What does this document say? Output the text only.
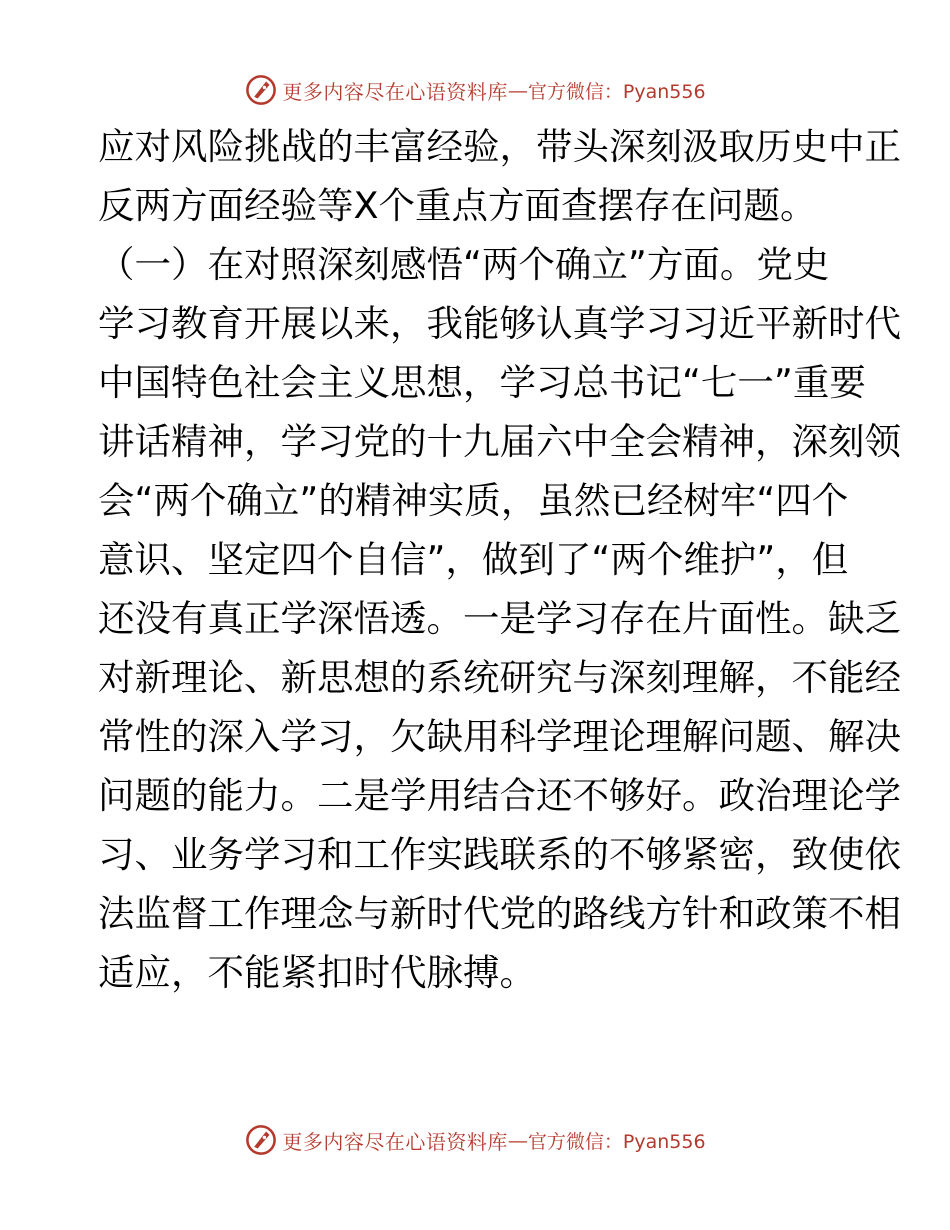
更多内容尽在心语资料库 — 官方微信：Pyan556
应对风险挑战的丰富经验，带头深刻汲取历史中正
反两方面经验等X个重点方面查摆存在问题。
（一）在对照深刻感悟“两个确立”方面。党史
学习教育开展以来，我能够认真学习习近平新时代
中国特色社会主义思想，学习总书记“七一”重要
讲话精神，学习党的十九届六中全会精神，深刻领
会“两个确立”的精神实质，虽然已经树牢“四个
意识、坚定四个自信”，做到了“两个维护”，但
还没有真正学深悟透。一是学习存在片面性。缺乏
对新理论、新思想的系统研究与深刻理解，不能经
常性的深入学习，欠缺用科学理论理解问题、解决
问题的能力。二是学用结合还不够好。政治理论学
习、业务学习和工作实践联系的不够紧密，致使依
法监督工作理念与新时代党的路线方针和政策不相
适应，不能紧扣时代脉搏。
更多内容尽在心语资料库 — 官方微信：Pyan556
